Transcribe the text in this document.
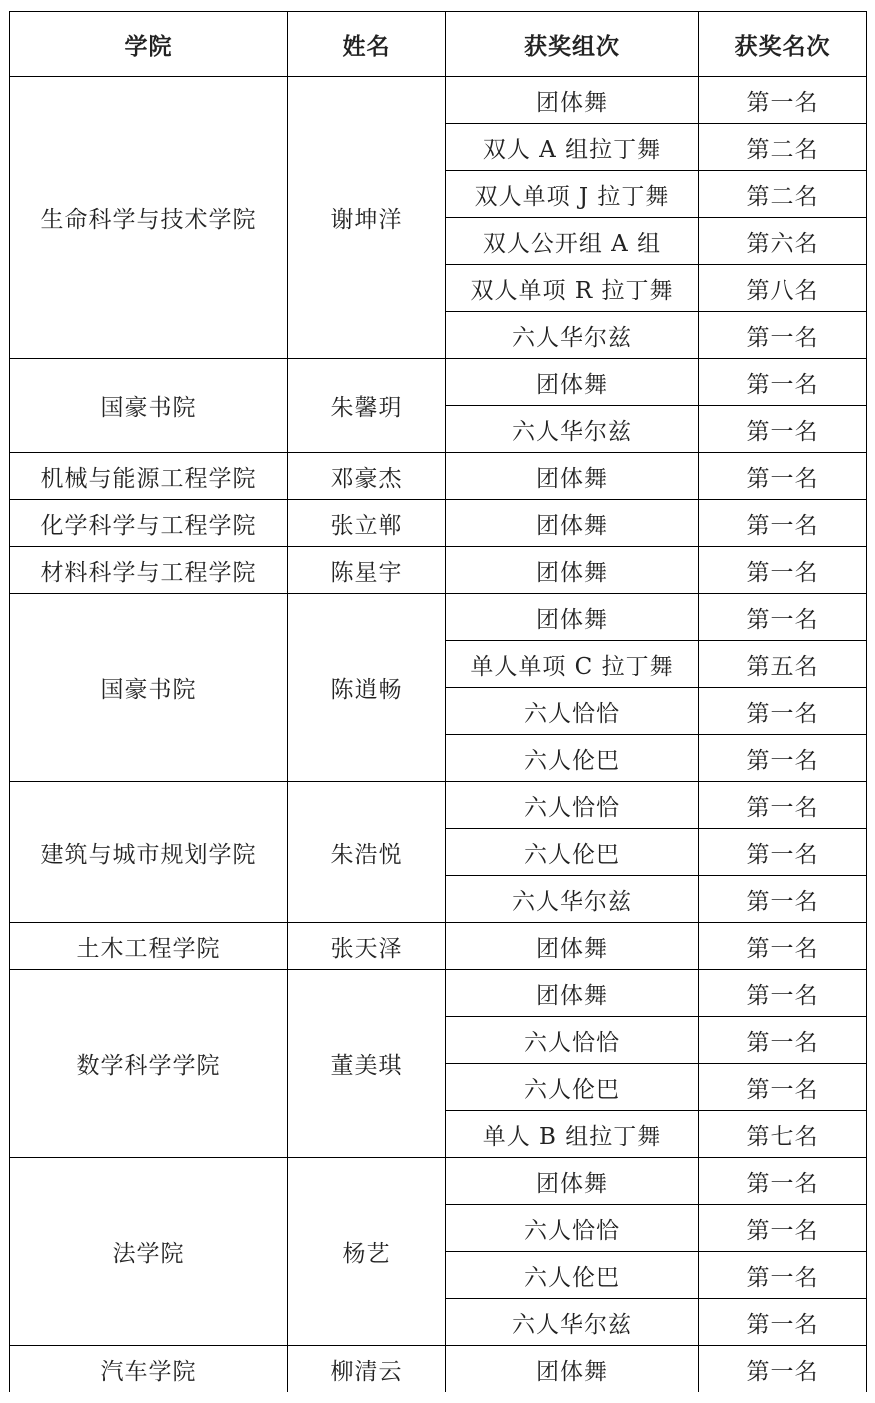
学院	姓名	获奖组次	获奖名次
生命科学与技术学院	谢坤洋	团体舞	第一名
		双人 A 组拉丁舞	第二名
		双人单项 J 拉丁舞	第二名
		双人公开组 A 组	第六名
		双人单项 R 拉丁舞	第八名
		六人华尔兹	第一名
国豪书院	朱馨玥	团体舞	第一名
		六人华尔兹	第一名
机械与能源工程学院	邓豪杰	团体舞	第一名
化学科学与工程学院	张立郸	团体舞	第一名
材料科学与工程学院	陈星宇	团体舞	第一名
国豪书院	陈逍畅	团体舞	第一名
		单人单项 C 拉丁舞	第五名
		六人恰恰	第一名
		六人伦巴	第一名
建筑与城市规划学院	朱浩悦	六人恰恰	第一名
		六人伦巴	第一名
		六人华尔兹	第一名
土木工程学院	张天泽	团体舞	第一名
数学科学学院	董美琪	团体舞	第一名
		六人恰恰	第一名
		六人伦巴	第一名
		单人 B 组拉丁舞	第七名
法学院	杨艺	团体舞	第一名
		六人恰恰	第一名
		六人伦巴	第一名
		六人华尔兹	第一名
汽车学院	柳清云	团体舞	第一名
